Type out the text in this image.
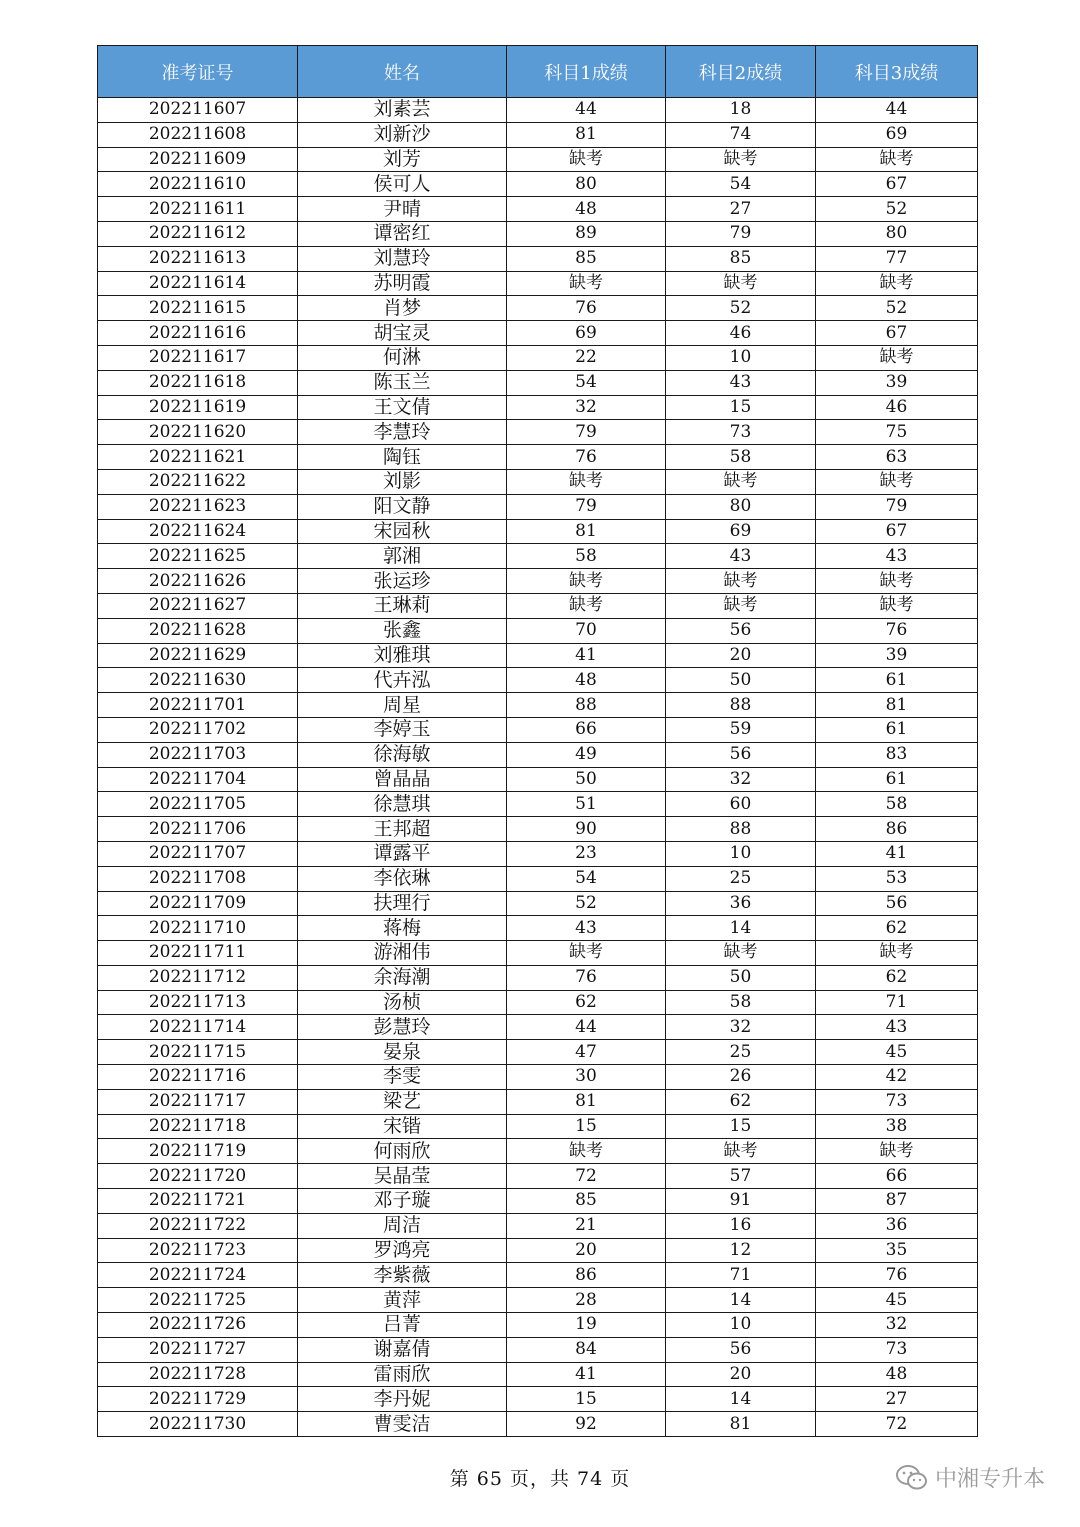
准考证号	姓名	科目1成绩	科目2成绩	科目3成绩
202211607	刘素芸	44	18	44
202211608	刘新沙	81	74	69
202211609	刘芳	缺考	缺考	缺考
202211610	侯可人	80	54	67
202211611	尹晴	48	27	52
202211612	谭密红	89	79	80
202211613	刘慧玲	85	85	77
202211614	苏明霞	缺考	缺考	缺考
202211615	肖梦	76	52	52
202211616	胡宝灵	69	46	67
202211617	何淋	22	10	缺考
202211618	陈玉兰	54	43	39
202211619	王文倩	32	15	46
202211620	李慧玲	79	73	75
202211621	陶钰	76	58	63
202211622	刘影	缺考	缺考	缺考
202211623	阳文静	79	80	79
202211624	宋园秋	81	69	67
202211625	郭湘	58	43	43
202211626	张运珍	缺考	缺考	缺考
202211627	王琳莉	缺考	缺考	缺考
202211628	张鑫	70	56	76
202211629	刘雅琪	41	20	39
202211630	代卉泓	48	50	61
202211701	周星	88	88	81
202211702	李婷玉	66	59	61
202211703	徐海敏	49	56	83
202211704	曾晶晶	50	32	61
202211705	徐慧琪	51	60	58
202211706	王邦超	90	88	86
202211707	谭露平	23	10	41
202211708	李依琳	54	25	53
202211709	扶理行	52	36	56
202211710	蒋梅	43	14	62
202211711	游湘伟	缺考	缺考	缺考
202211712	余海潮	76	50	62
202211713	汤桢	62	58	71
202211714	彭慧玲	44	32	43
202211715	晏泉	47	25	45
202211716	李雯	30	26	42
202211717	梁艺	81	62	73
202211718	宋锴	15	15	38
202211719	何雨欣	缺考	缺考	缺考
202211720	吴晶莹	72	57	66
202211721	邓子璇	85	91	87
202211722	周洁	21	16	36
202211723	罗鸿亮	20	12	35
202211724	李紫薇	86	71	76
202211725	黄萍	28	14	45
202211726	吕菁	19	10	32
202211727	谢嘉倩	84	56	73
202211728	雷雨欣	41	20	48
202211729	李丹妮	15	14	27
202211730	曹雯洁	92	81	72
第 65 页，共 74 页	中湘专升本
